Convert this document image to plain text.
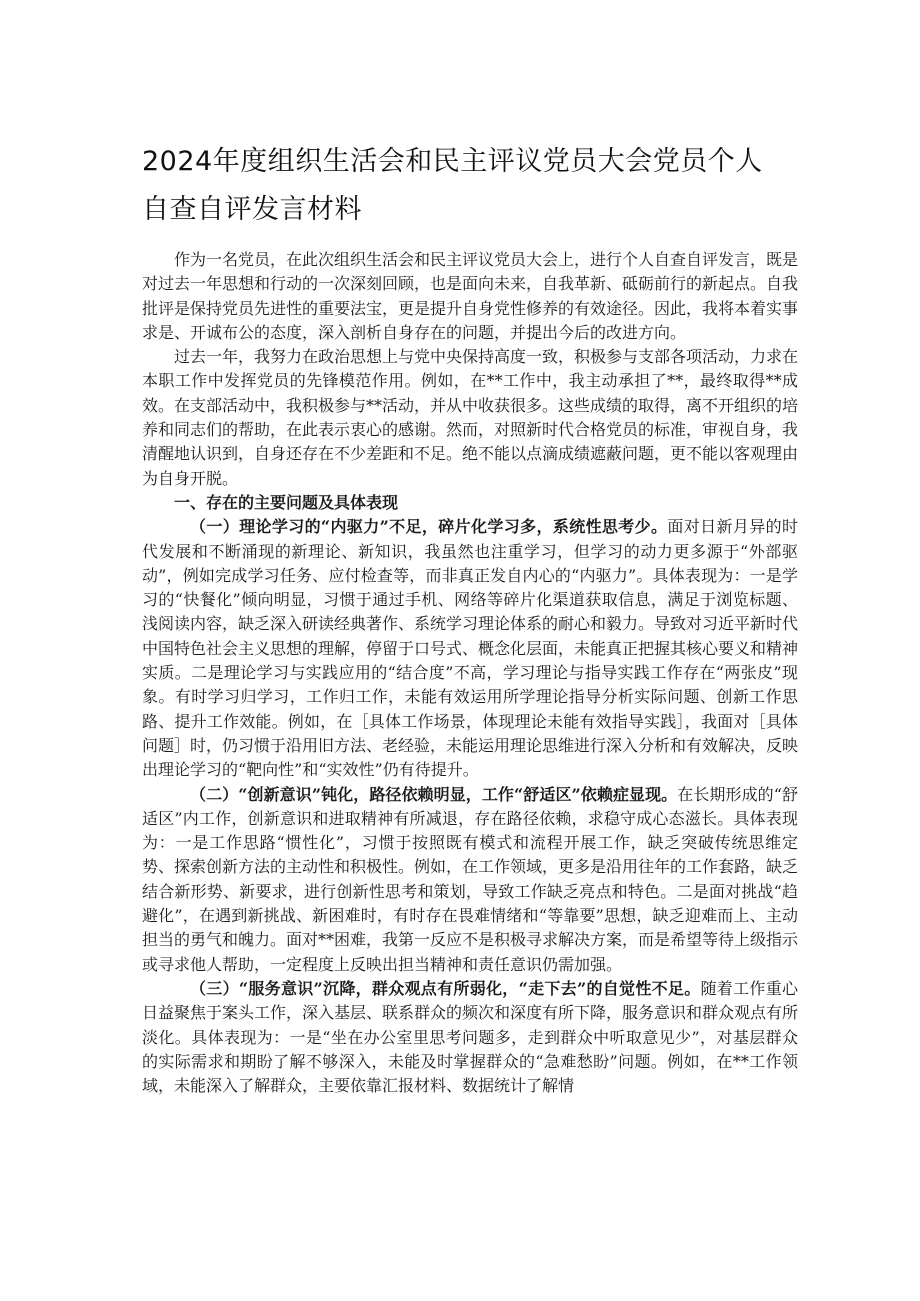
2024年度组织生活会和民主评议党员大会党员个人
自查自评发言材料

作为一名党员，在此次组织生活会和民主评议党员大会上，进行个人自查自评发言，既是对过去一年思想和行动的一次深刻回顾，也是面向未来，自我革新、砥砺前行的新起点。自我批评是保持党员先进性的重要法宝，更是提升自身党性修养的有效途径。因此，我将本着实事求是、开诚布公的态度，深入剖析自身存在的问题，并提出今后的改进方向。

过去一年，我努力在政治思想上与党中央保持高度一致，积极参与支部各项活动，力求在本职工作中发挥党员的先锋模范作用。例如，在**工作中，我主动承担了**，最终取得**成效。在支部活动中，我积极参与**活动，并从中收获很多。这些成绩的取得，离不开组织的培养和同志们的帮助，在此表示衷心的感谢。然而，对照新时代合格党员的标准，审视自身，我清醒地认识到，自身还存在不少差距和不足。绝不能以点滴成绩遮蔽问题，更不能以客观理由为自身开脱。

一、存在的主要问题及具体表现

（一）理论学习的“内驱力”不足，碎片化学习多，系统性思考少。面对日新月异的时代发展和不断涌现的新理论、新知识，我虽然也注重学习，但学习的动力更多源于“外部驱动”，例如完成学习任务、应付检查等，而非真正发自内心的“内驱力”。具体表现为：一是学习的“快餐化”倾向明显，习惯于通过手机、网络等碎片化渠道获取信息，满足于浏览标题、浅阅读内容，缺乏深入研读经典著作、系统学习理论体系的耐心和毅力。导致对习近平新时代中国特色社会主义思想的理解，停留于口号式、概念化层面，未能真正把握其核心要义和精神实质。二是理论学习与实践应用的“结合度”不高，学习理论与指导实践工作存在“两张皮”现象。有时学习归学习，工作归工作，未能有效运用所学理论指导分析实际问题、创新工作思路、提升工作效能。例如，在［具体工作场景，体现理论未能有效指导实践］，我面对［具体问题］时，仍习惯于沿用旧方法、老经验，未能运用理论思维进行深入分析和有效解决，反映出理论学习的“靶向性”和“实效性”仍有待提升。

（二）“创新意识”钝化，路径依赖明显，工作“舒适区”依赖症显现。在长期形成的“舒适区”内工作，创新意识和进取精神有所减退，存在路径依赖，求稳守成心态滋长。具体表现为：一是工作思路“惯性化”，习惯于按照既有模式和流程开展工作，缺乏突破传统思维定势、探索创新方法的主动性和积极性。例如，在工作领域，更多是沿用往年的工作套路，缺乏结合新形势、新要求，进行创新性思考和策划，导致工作缺乏亮点和特色。二是面对挑战“趋避化”，在遇到新挑战、新困难时，有时存在畏难情绪和“等靠要”思想，缺乏迎难而上、主动担当的勇气和魄力。面对**困难，我第一反应不是积极寻求解决方案，而是希望等待上级指示或寻求他人帮助，一定程度上反映出担当精神和责任意识仍需加强。

（三）“服务意识”沉降，群众观点有所弱化，“走下去”的自觉性不足。随着工作重心日益聚焦于案头工作，深入基层、联系群众的频次和深度有所下降，服务意识和群众观点有所淡化。具体表现为：一是“坐在办公室里思考问题多，走到群众中听取意见少”，对基层群众的实际需求和期盼了解不够深入，未能及时掌握群众的“急难愁盼”问题。例如，在**工作领域，未能深入了解群众，主要依靠汇报材料、数据统计了解情
